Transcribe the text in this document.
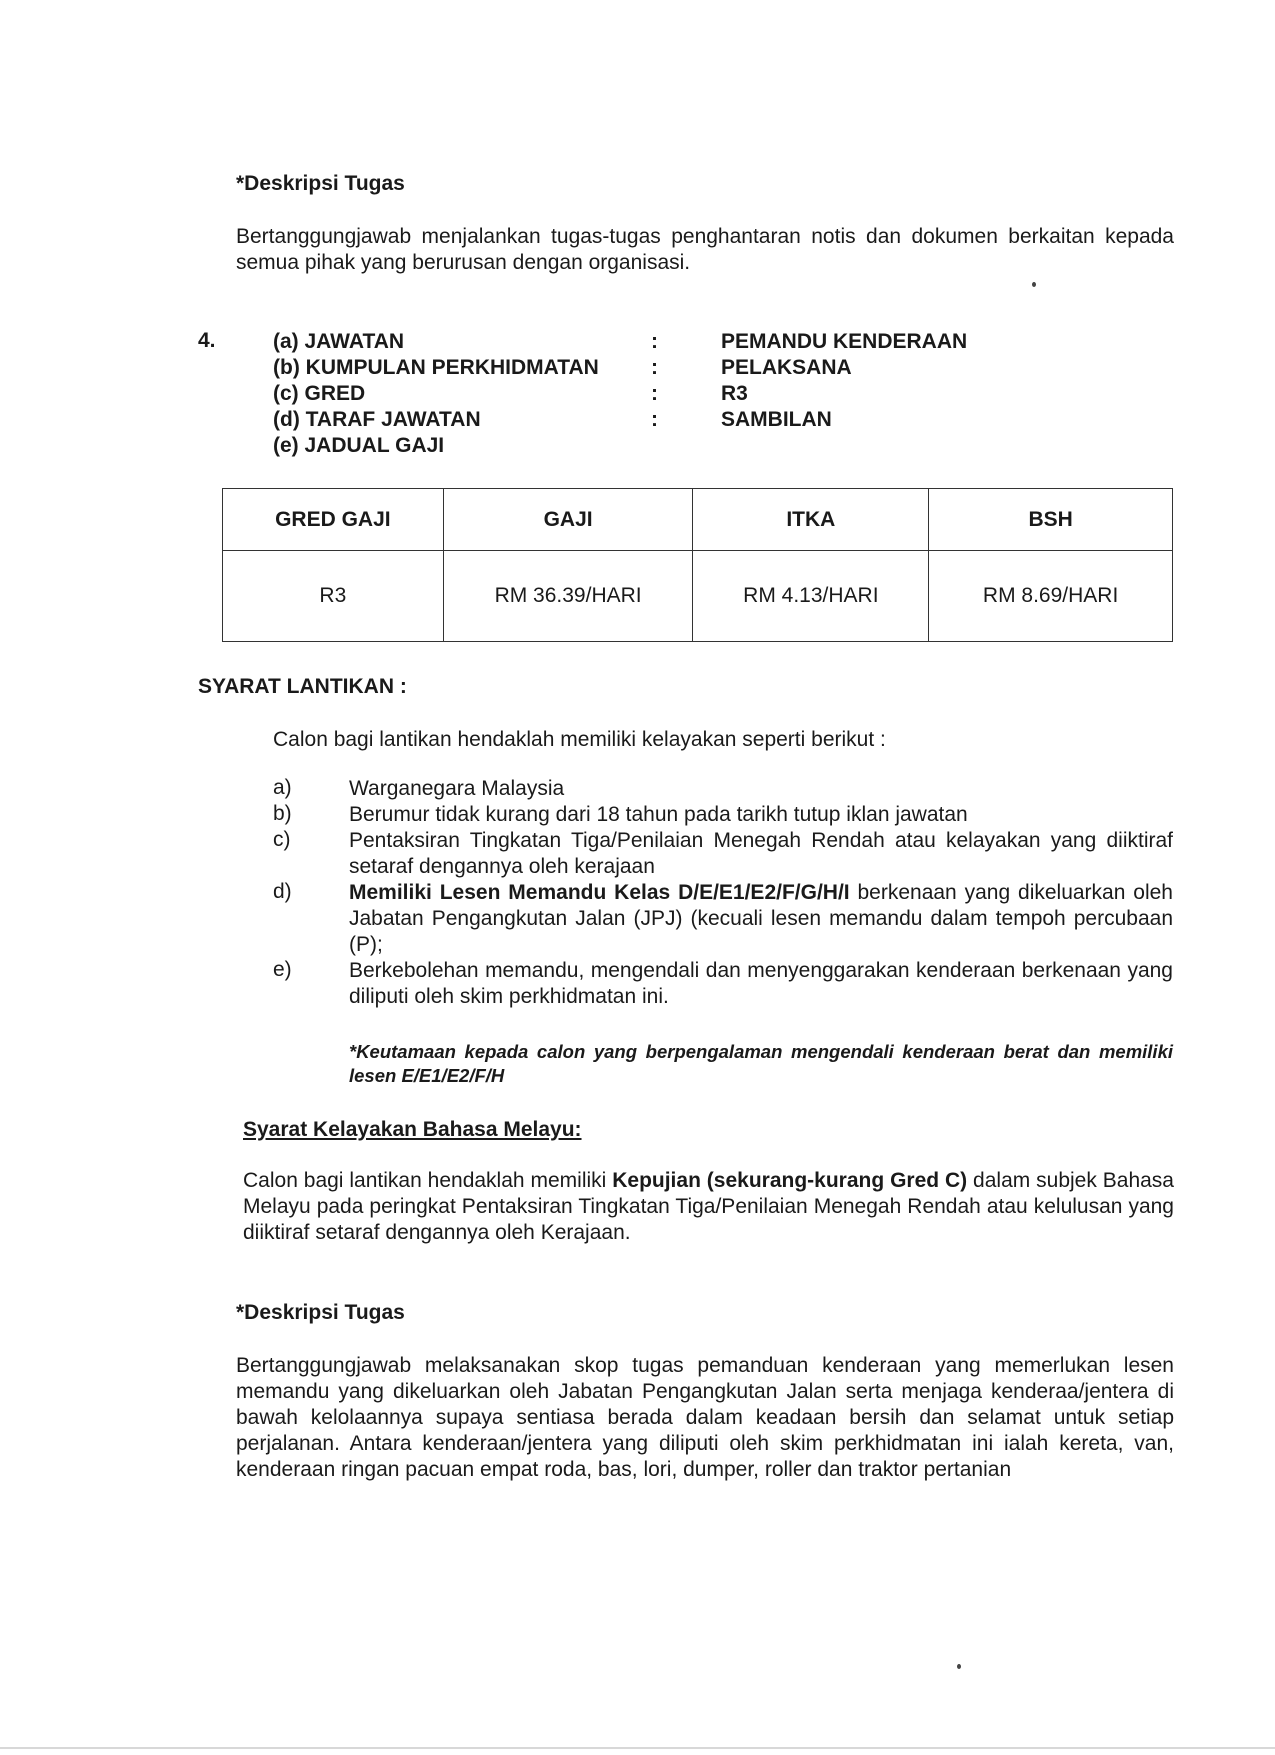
*Deskripsi Tugas
Bertanggungjawab menjalankan tugas-tugas penghantaran notis dan dokumen berkaitan kepada semua pihak yang berurusan dengan organisasi.
4.	(a) JAWATAN	:	PEMANDU KENDERAAN
(b) KUMPULAN PERKHIDMATAN :	PELAKSANA
(c) GRED	:	R3
(d) TARAF JAWATAN	:	SAMBILAN
(e) JADUAL GAJI
GRED GAJI	GAJI	ITKA	BSH
R3	RM 36.39/HARI	RM 4.13/HARI	RM 8.69/HARI
SYARAT LANTIKAN :
Calon bagi lantikan hendaklah memiliki kelayakan seperti berikut :
a)	Warganegara Malaysia
b)	Berumur tidak kurang dari 18 tahun pada tarikh tutup iklan jawatan
c)	Pentaksiran Tingkatan Tiga/Penilaian Menegah Rendah atau kelayakan yang diiktiraf setaraf dengannya oleh kerajaan
d)	Memiliki Lesen Memandu Kelas D/E/E1/E2/F/G/H/I berkenaan yang dikeluarkan oleh Jabatan Pengangkutan Jalan (JPJ) (kecuali lesen memandu dalam tempoh percubaan (P);
e)	Berkebolehan memandu, mengendali dan menyenggarakan kenderaan berkenaan yang diliputi oleh skim perkhidmatan ini.
*Keutamaan kepada calon yang berpengalaman mengendali kenderaan berat dan memiliki lesen E/E1/E2/F/H
Syarat Kelayakan Bahasa Melayu:
Calon bagi lantikan hendaklah memiliki Kepujian (sekurang-kurang Gred C) dalam subjek Bahasa Melayu pada peringkat Pentaksiran Tingkatan Tiga/Penilaian Menegah Rendah atau kelulusan yang diiktiraf setaraf dengannya oleh Kerajaan.
*Deskripsi Tugas
Bertanggungjawab melaksanakan skop tugas pemanduan kenderaan yang memerlukan lesen memandu yang dikeluarkan oleh Jabatan Pengangkutan Jalan serta menjaga kenderaa/jentera di bawah kelolaannya supaya sentiasa berada dalam keadaan bersih dan selamat untuk setiap perjalanan. Antara kenderaan/jentera yang diliputi oleh skim perkhidmatan ini ialah kereta, van, kenderaan ringan pacuan empat roda, bas, lori, dumper, roller dan traktor pertanian
